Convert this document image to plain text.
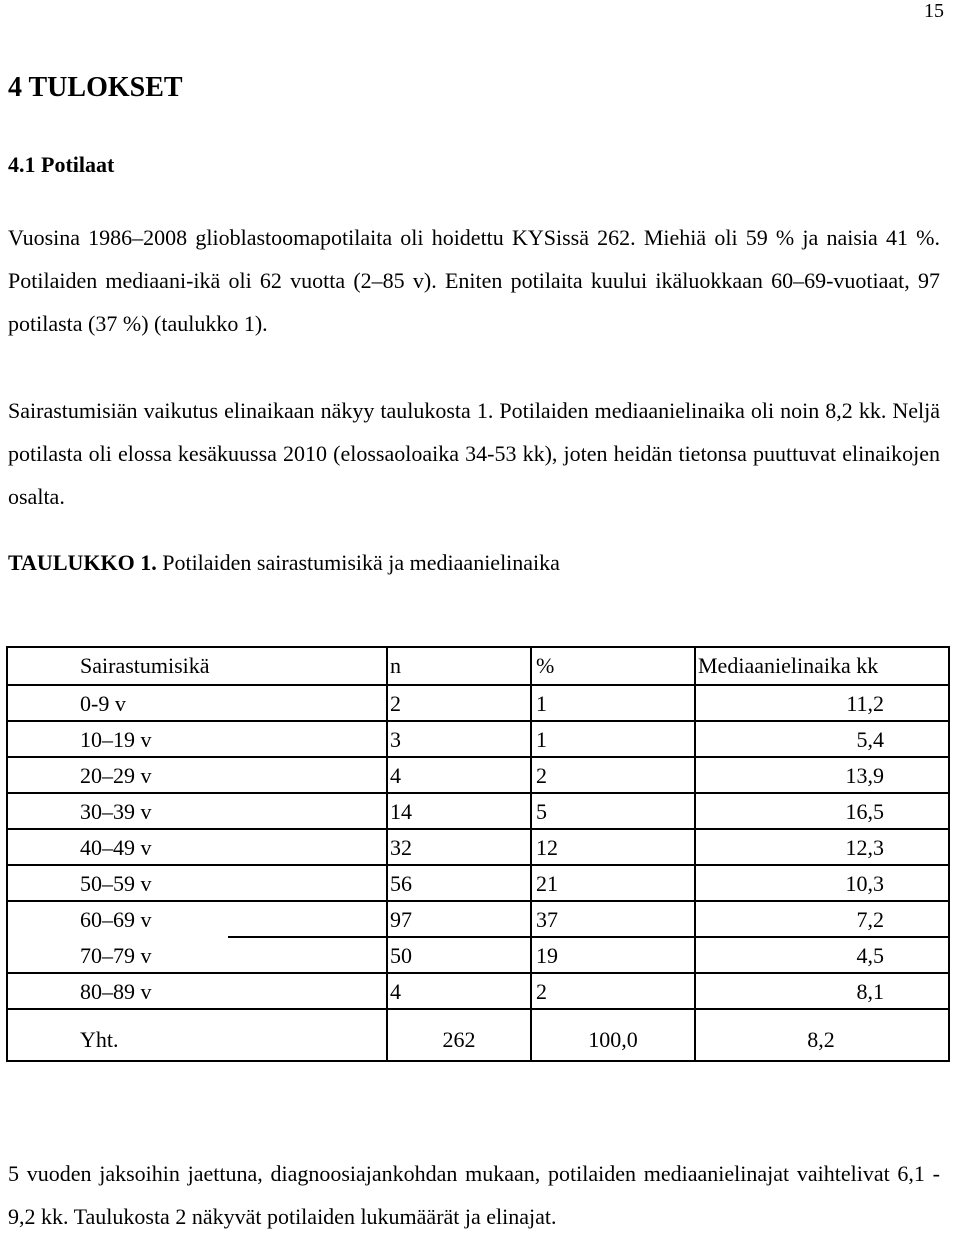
15
4 TULOKSET
4.1 Potilaat
Vuosina 1986–2008 glioblastoomapotilaita oli hoidettu KYSissä 262. Miehiä oli 59 % ja naisia 41 %. Potilaiden mediaani-ikä oli 62 vuotta (2–85 v). Eniten potilaita kuului ikäluokkaan 60–69-vuotiaat, 97 potilasta (37 %) (taulukko 1).
Sairastumisiän vaikutus elinaikaan näkyy taulukosta 1. Potilaiden mediaanielinaika oli noin 8,2 kk. Neljä potilasta oli elossa kesäkuussa 2010 (elossaoloaika 34-53 kk), joten heidän tietonsa puuttuvat elinaikojen osalta.
TAULUKKO 1. Potilaiden sairastumisikä ja mediaanielinaika
Sairastumisikä	n	%	Mediaanielinaika kk
0-9 v	2	1	11,2
10–19 v	3	1	5,4
20–29 v	4	2	13,9
30–39 v	14	5	16,5
40–49 v	32	12	12,3
50–59 v	56	21	10,3
60–69 v	97	37	7,2
70–79 v	50	19	4,5
80–89 v	4	2	8,1
Yht.	262	100,0	8,2
5 vuoden jaksoihin jaettuna, diagnoosiajankohdan mukaan, potilaiden mediaanielinajat vaihtelivat 6,1 - 9,2 kk. Taulukosta 2 näkyvät potilaiden lukumäärät ja elinajat.
